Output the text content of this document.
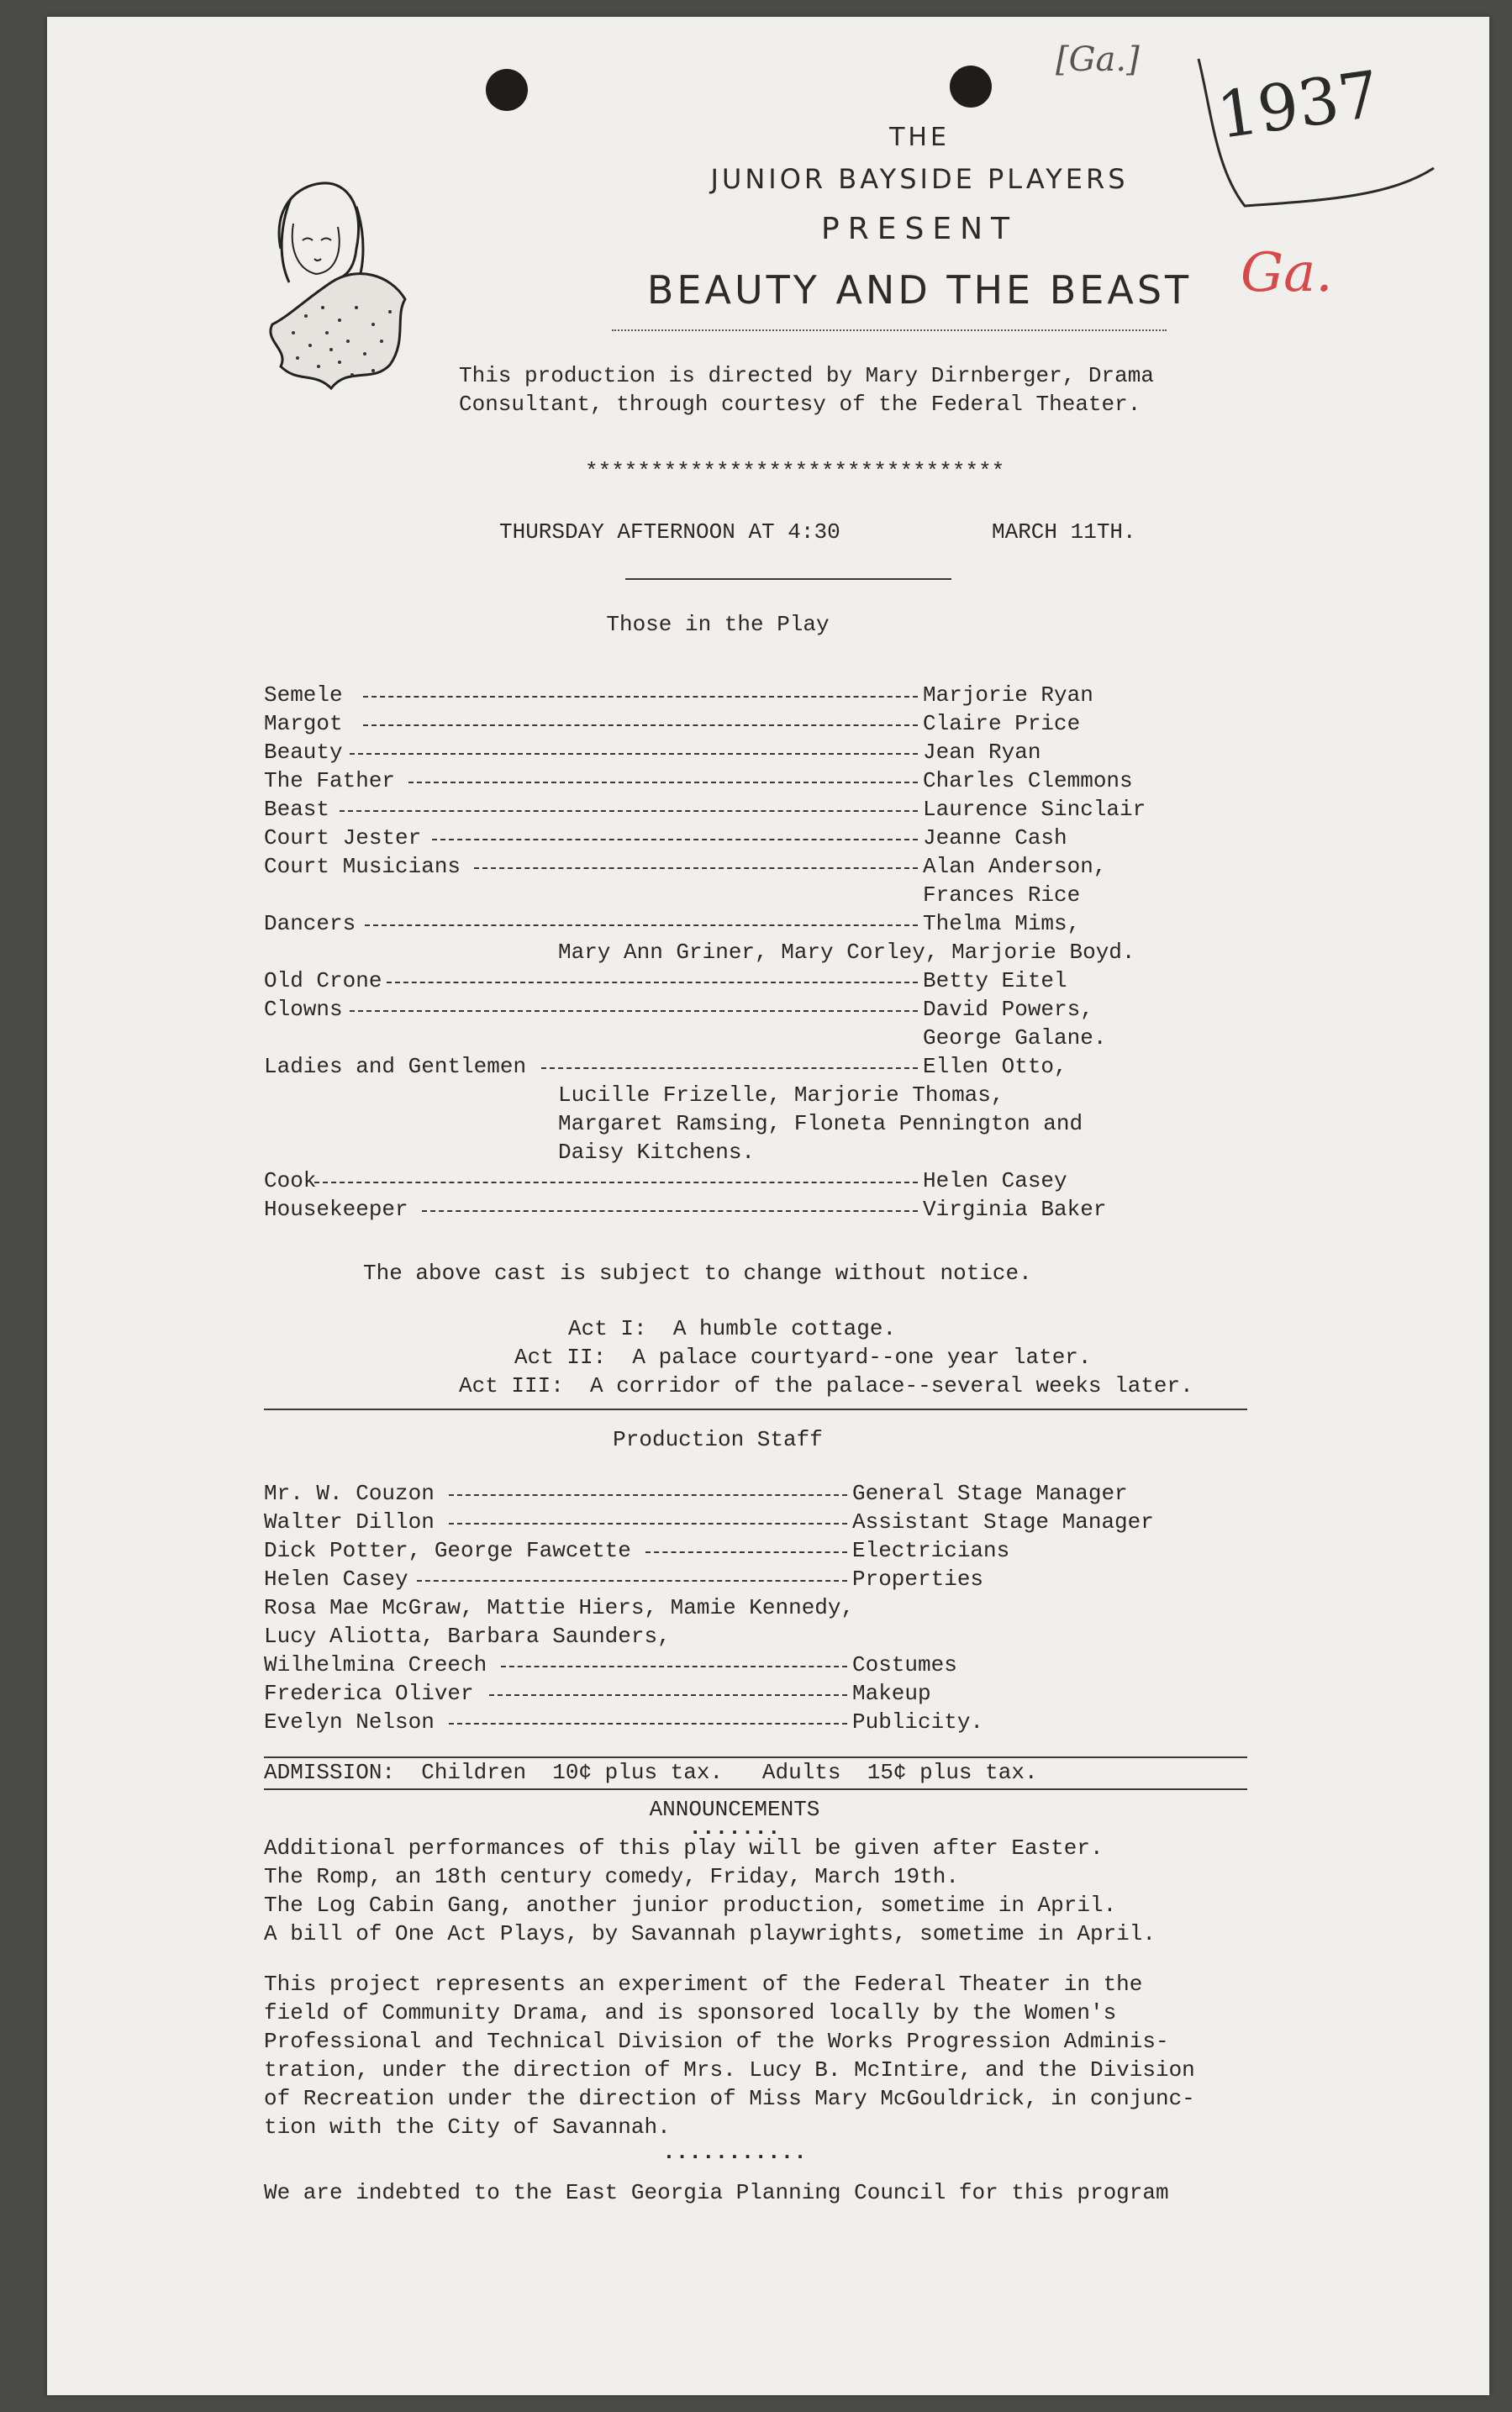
[Ga.] 1937
Ga.
THE
JUNIOR BAYSIDE PLAYERS
PRESENT
BEAUTY AND THE BEAST
This production is directed by Mary Dirnberger, Drama
Consultant, through courtesy of the Federal Theater.
********************************
THURSDAY AFTERNOON AT 4:30	MARCH 11TH.
Those in the Play
Semele	Marjorie Ryan
Margot	Claire Price
Beauty	Jean Ryan
The Father	Charles Clemmons
Beast	Laurence Sinclair
Court Jester	Jeanne Cash
Court Musicians	Alan Anderson,
Frances Rice
Dancers	Thelma Mims,
Mary Ann Griner, Mary Corley, Marjorie Boyd.
Old Crone	Betty Eitel
Clowns	David Powers,
George Galane.
Ladies and Gentlemen	Ellen Otto,
Lucille Frizelle, Marjorie Thomas,
Margaret Ramsing, Floneta Pennington and
Daisy Kitchens.
Cook	Helen Casey
Housekeeper	Virginia Baker
The above cast is subject to change without notice.
Act I:  A humble cottage.
Act II:  A palace courtyard--one year later.
Act III:  A corridor of the palace--several weeks later.
Production Staff
Mr. W. Couzon	General Stage Manager
Walter Dillon	Assistant Stage Manager
Dick Potter, George Fawcette	Electricians
Helen Casey	Properties
Rosa Mae McGraw, Mattie Hiers, Mamie Kennedy,
Lucy Aliotta, Barbara Saunders,
Wilhelmina Creech	Costumes
Frederica Oliver	Makeup
Evelyn Nelson	Publicity.
ADMISSION:  Children  10¢ plus tax.   Adults  15¢ plus tax.
ANNOUNCEMENTS
.......
Additional performances of this play will be given after Easter.
The Romp, an 18th century comedy, Friday, March 19th.
The Log Cabin Gang, another junior production, sometime in April.
A bill of One Act Plays, by Savannah playwrights, sometime in April.
This project represents an experiment of the Federal Theater in the
field of Community Drama, and is sponsored locally by the Women's
Professional and Technical Division of the Works Progression Adminis-
tration, under the direction of Mrs. Lucy B. McIntire, and the Division
of Recreation under the direction of Miss Mary McGouldrick, in conjunc-
tion with the City of Savannah.
...........
We are indebted to the East Georgia Planning Council for this program
